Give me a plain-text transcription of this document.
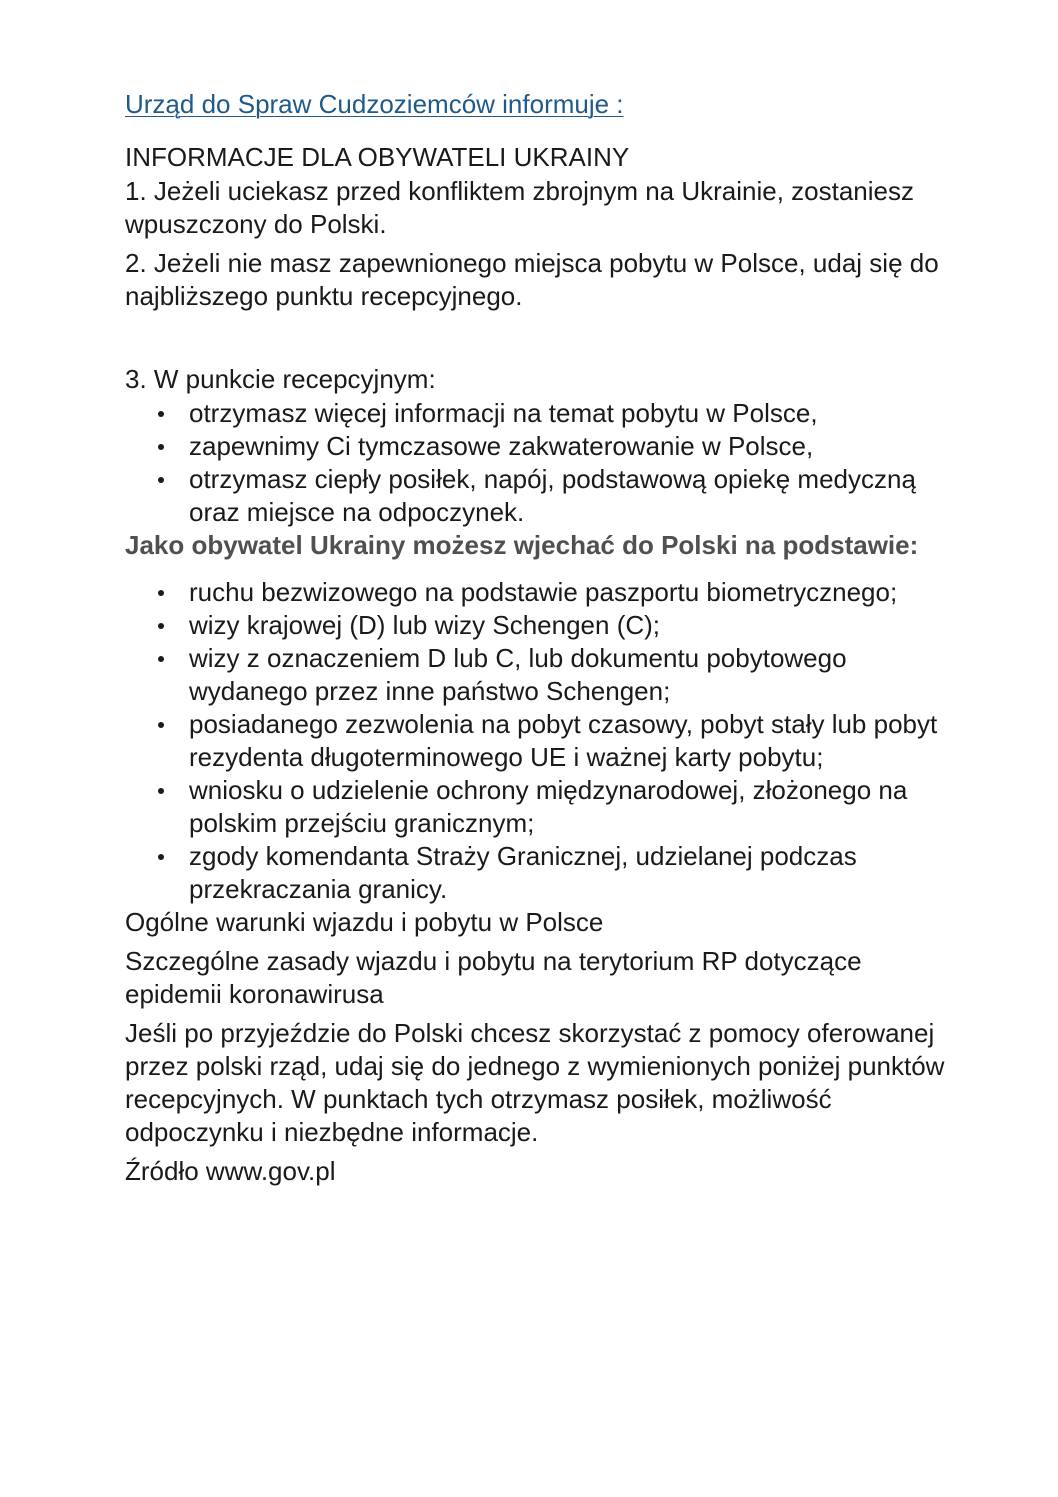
Urząd do Spraw Cudzoziemców informuje :

INFORMACJE DLA OBYWATELI UKRAINY

1. Jeżeli uciekasz przed konfliktem zbrojnym na Ukrainie, zostaniesz wpuszczony do Polski.

2. Jeżeli nie masz zapewnionego miejsca pobytu w Polsce, udaj się do najbliższego punktu recepcyjnego.

3. W punkcie recepcyjnym:

otrzymasz więcej informacji na temat pobytu w Polsce,
zapewnimy Ci tymczasowe zakwaterowanie w Polsce,
otrzymasz ciepły posiłek, napój, podstawową opiekę medyczną oraz miejsce na odpoczynek.

Jako obywatel Ukrainy możesz wjechać do Polski na podstawie:

ruchu bezwizowego na podstawie paszportu biometrycznego;
wizy krajowej (D) lub wizy Schengen (C);
wizy z oznaczeniem D lub C, lub dokumentu pobytowego wydanego przez inne państwo Schengen;
posiadanego zezwolenia na pobyt czasowy, pobyt stały lub pobyt rezydenta długoterminowego UE i ważnej karty pobytu;
wniosku o udzielenie ochrony międzynarodowej, złożonego na polskim przejściu granicznym;
zgody komendanta Straży Granicznej, udzielanej podczas przekraczania granicy.

Ogólne warunki wjazdu i pobytu w Polsce

Szczególne zasady wjazdu i pobytu na terytorium RP dotyczące epidemii koronawirusa

Jeśli po przyjeździe do Polski chcesz skorzystać z pomocy oferowanej przez polski rząd, udaj się do jednego z wymienionych poniżej punktów recepcyjnych. W punktach tych otrzymasz posiłek, możliwość odpoczynku i niezbędne informacje.

Źródło www.gov.pl
